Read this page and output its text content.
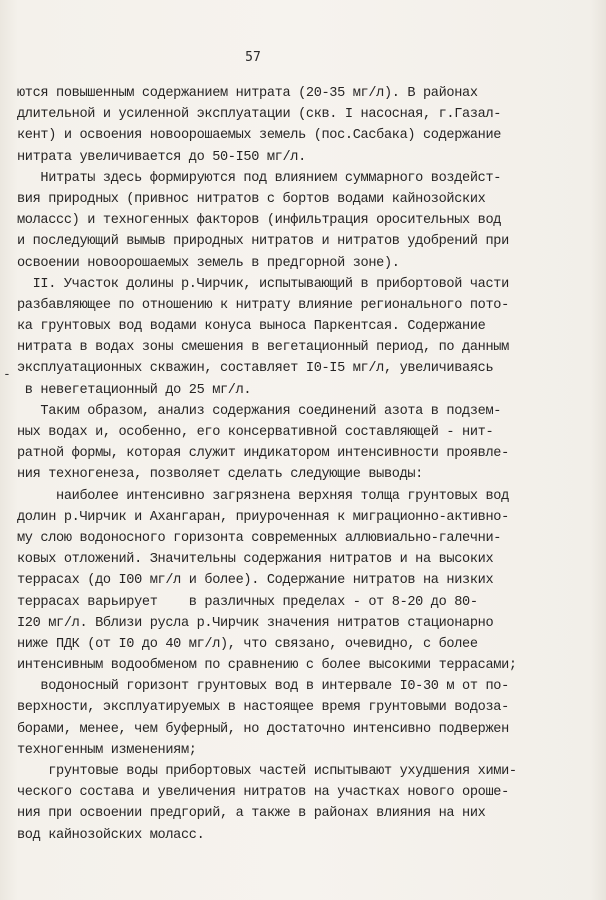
57
-
ются повышенным содержанием нитрата (20-35 мг/л). В районах
длительной и усиленной эксплуатации (скв. I насосная, г.Газал-
кент) и освоения новоорошаемых земель (пос.Сасбака) содержание
нитрата увеличивается до 50-I50 мг/л.
Нитраты здесь формируются под влиянием суммарного воздейст-
вия природных (привнос нитратов с бортов водами кайнозойских
молассс) и техногенных факторов (инфильтрация оросительных вод
и последующий вымыв природных нитратов и нитратов удобрений при
освоении новоорошаемых земель в предгорной зоне).
II. Участок долины р.Чирчик, испытывающий в прибортовой части
разбавляющее по отношению к нитрату влияние регионального пото-
ка грунтовых вод водами конуса выноса Паркентсая. Содержание
нитрата в водах зоны смешения в вегетационный период, по данным
эксплуатационных скважин, составляет I0-I5 мг/л, увеличиваясь
в невегетационный до 25 мг/л.
Таким образом, анализ содержания соединений азота в подзем-
ных водах и, особенно, его консервативной составляющей - нит-
ратной формы, которая служит индикатором интенсивности проявле-
ния техногенеза, позволяет сделать следующие выводы:
наиболее интенсивно загрязнена верхняя толща грунтовых вод
долин р.Чирчик и Ахангаран, приуроченная к миграционно-активно-
му слою водоносного горизонта современных аллювиально-галечни-
ковых отложений. Значительны содержания нитратов и на высоких
террасах (до I00 мг/л и более). Содержание нитратов на низких
террасах варьирует    в различных пределах - от 8-20 до 80-
I20 мг/л. Вблизи русла р.Чирчик значения нитратов стационарно
ниже ПДК (от I0 до 40 мг/л), что связано, очевидно, с более
интенсивным водообменом по сравнению с более высокими террасами;
водоносный горизонт грунтовых вод в интервале I0-30 м от по-
верхности, эксплуатируемых в настоящее время грунтовыми водоза-
борами, менее, чем буферный, но достаточно интенсивно подвержен
техногенным изменениям;
грунтовые воды прибортовых частей испытывают ухудшения хими-
ческого состава и увеличения нитратов на участках нового ороше-
ния при освоении предгорий, а также в районах влияния на них
вод кайнозойских моласс.
